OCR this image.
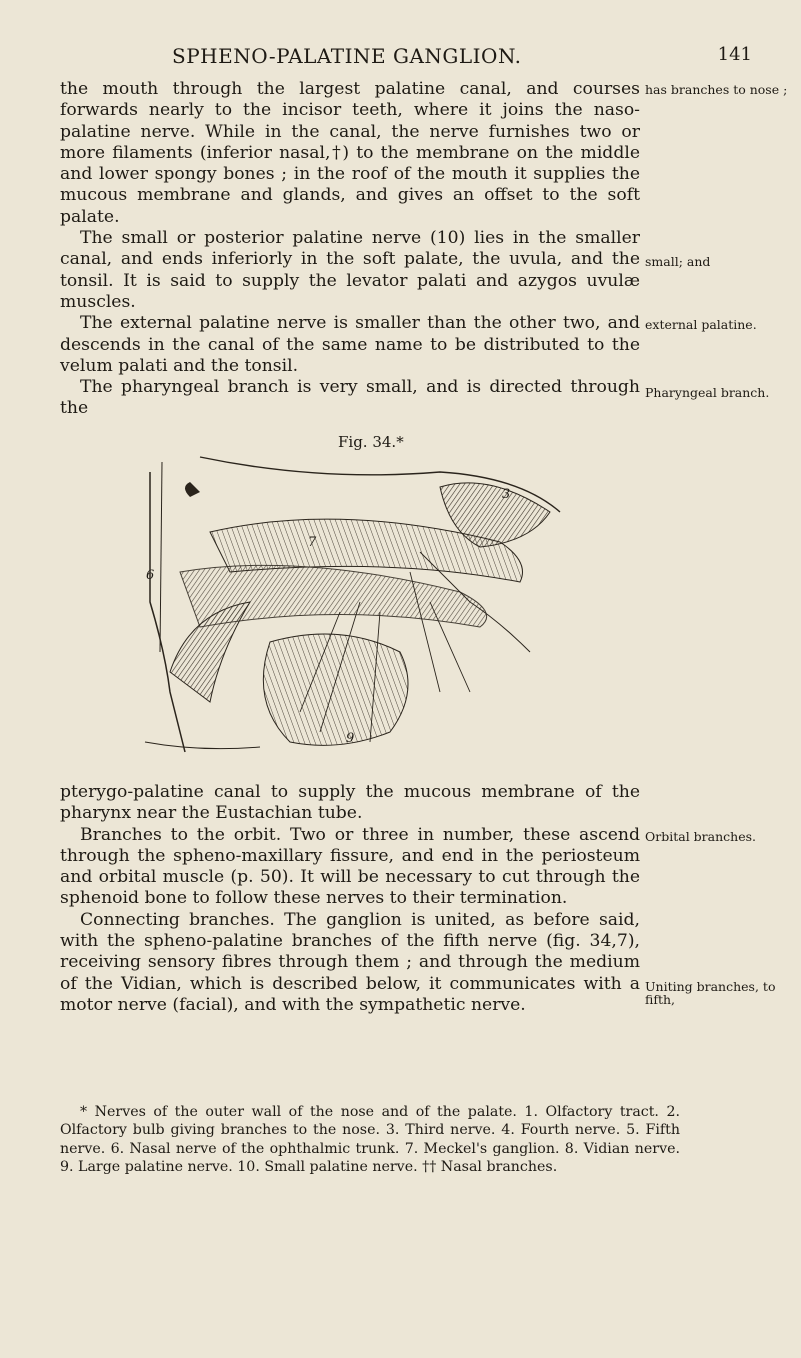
SPHENO-PALATINE GANGLION.	141

the mouth through the largest palatine canal, and courses forwards nearly to the incisor teeth, where it joins the naso-palatine nerve. While in the canal, the nerve furnishes two or more filaments (inferior nasal,†) to the membrane on the middle and lower spongy bones ; in the roof of the mouth it supplies the mucous membrane and glands, and gives an offset to the soft palate.

The small or posterior palatine nerve (10) lies in the smaller canal, and ends inferiorly in the soft palate, the uvula, and the tonsil. It is said to supply the levator palati and azygos uvulæ muscles.

The external palatine nerve is smaller than the other two, and descends in the canal of the same name to be distributed to the velum palati and the tonsil.

The pharyngeal branch is very small, and is directed through the

has branches to nose ;
small; and
external palatine.
Pharyngeal branch.
Fig. 34.*
3
6
7
9

pterygo-palatine canal to supply the mucous membrane of the pharynx near the Eustachian tube.

Branches to the orbit. Two or three in number, these ascend through the spheno-maxillary fissure, and end in the periosteum and orbital muscle (p. 50). It will be necessary to cut through the sphenoid bone to follow these nerves to their termination.

Connecting branches. The ganglion is united, as before said, with the spheno-palatine branches of the fifth nerve (fig. 34,7), receiving sensory fibres through them ; and through the medium of the Vidian, which is described below, it communicates with a motor nerve (facial), and with the sympathetic nerve.

Orbital branches.
Uniting branches, to fifth,

* Nerves of the outer wall of the nose and of the palate. 1. Olfactory tract. 2. Olfactory bulb giving branches to the nose. 3. Third nerve. 4. Fourth nerve. 5. Fifth nerve. 6. Nasal nerve of the ophthalmic trunk. 7. Meckel's ganglion. 8. Vidian nerve. 9. Large palatine nerve. 10. Small palatine nerve. †† Nasal branches.
